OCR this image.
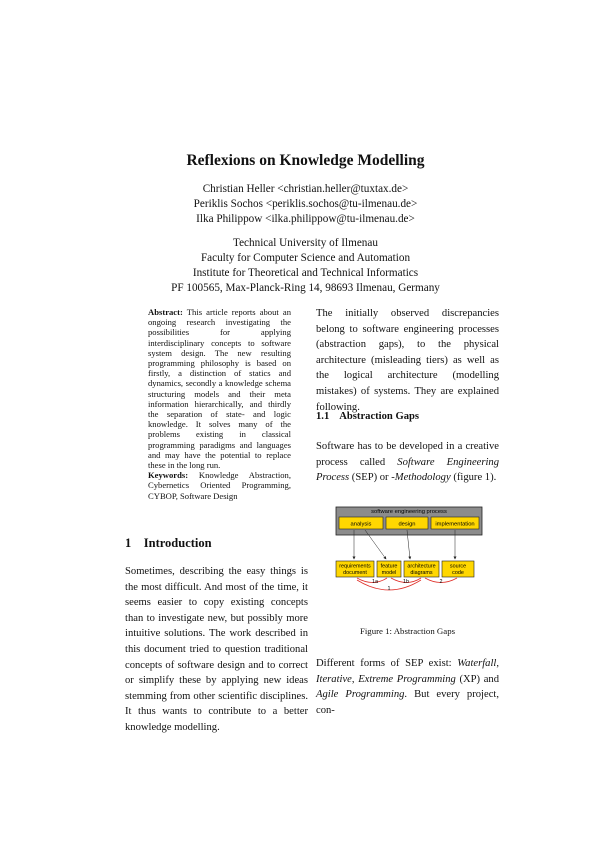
Reflexions on Knowledge Modelling
Christian Heller <christian.heller@tuxtax.de>
Periklis Sochos <periklis.sochos@tu-ilmenau.de>
Ilka Philippow <ilka.philippow@tu-ilmenau.de>
Technical University of Ilmenau
Faculty for Computer Science and Automation
Institute for Theoretical and Technical Informatics
PF 100565, Max-Planck-Ring 14, 98693 Ilmenau, Germany
Abstract: This article reports about an ongoing research investigating the possibilities for applying interdisciplinary concepts to software system design. The new resulting programming philosophy is based on firstly, a distinction of statics and dynamics, secondly a knowledge schema structuring models and their meta information hierarchically, and thirdly the separation of state- and logic knowledge. It solves many of the problems existing in classical programming paradigms and languages and may have the potential to replace these in the long run.
Keywords: Knowledge Abstraction, Cybernetics Oriented Programming, CYBOP, Software Design
1 Introduction
Sometimes, describing the easy things is the most difficult. And most of the time, it seems easier to copy existing concepts than to investigate new, but possibly more intuitive solutions. The work described in this document tried to question traditional concepts of software design and to correct or simplify these by applying new ideas stemming from other scientific disciplines. It thus wants to contribute to a better knowledge modelling.
The initially observed discrepancies belong to software engineering processes (abstraction gaps), to the physical architecture (misleading tiers) as well as the logical architecture (modelling mistakes) of systems. They are explained following.
1.1 Abstraction Gaps
Software has to be developed in a creative process called Software Engineering Process (SEP) or -Methodology (figure 1).
software engineering process
analysis	design	implementation
requirements
document
feature
model
architecture
diagrams
source
code
1a	1b	2
1
Figure 1: Abstraction Gaps
Different forms of SEP exist: Waterfall, Iterative, Extreme Programming (XP) and Agile Programming. But every project, con-
